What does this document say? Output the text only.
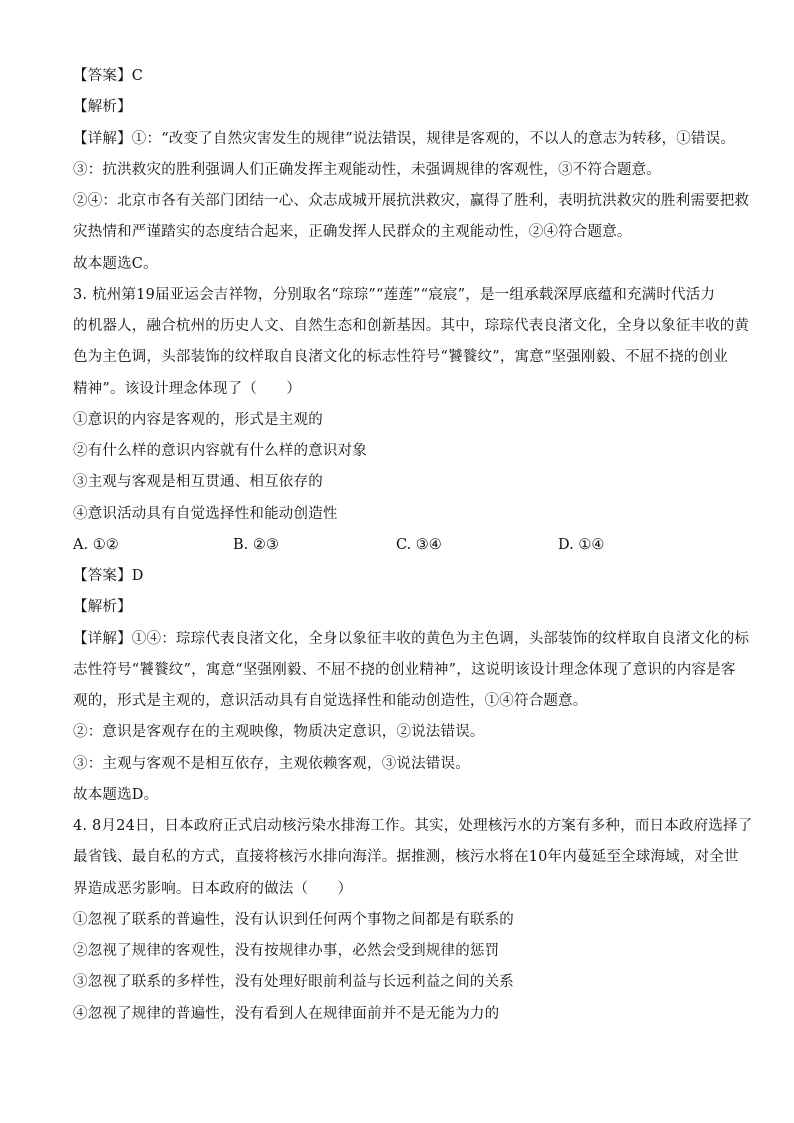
【答案】C
【解析】
【详解】①：“改变了自然灾害发生的规律”说法错误，规律是客观的，不以人的意志为转移，①错误。
③：抗洪救灾的胜利强调人们正确发挥主观能动性，未强调规律的客观性，③不符合题意。
②④：北京市各有关部门团结一心、众志成城开展抗洪救灾，赢得了胜利，表明抗洪救灾的胜利需要把救
灾热情和严谨踏实的态度结合起来，正确发挥人民群众的主观能动性，②④符合题意。
故本题选C。
3. 杭州第19届亚运会吉祥物，分别取名“琮琮”“莲莲”“宸宸”，是一组承载深厚底蕴和充满时代活力
的机器人，融合杭州的历史人文、自然生态和创新基因。其中，琮琮代表良渚文化，全身以象征丰收的黄
色为主色调，头部装饰的纹样取自良渚文化的标志性符号“饕餮纹”，寓意“坚强刚毅、不屈不挠的创业
精神”。该设计理念体现了（　　）
①意识的内容是客观的，形式是主观的
②有什么样的意识内容就有什么样的意识对象
③主观与客观是相互贯通、相互依存的
④意识活动具有自觉选择性和能动创造性
A. ①②	B. ②③	C. ③④	D. ①④
【答案】D
【解析】
【详解】①④：琮琮代表良渚文化，全身以象征丰收的黄色为主色调，头部装饰的纹样取自良渚文化的标
志性符号“饕餮纹”，寓意“坚强刚毅、不屈不挠的创业精神”，这说明该设计理念体现了意识的内容是客
观的，形式是主观的，意识活动具有自觉选择性和能动创造性，①④符合题意。
②：意识是客观存在的主观映像，物质决定意识，②说法错误。
③：主观与客观不是相互依存，主观依赖客观，③说法错误。
故本题选D。
4. 8月24日，日本政府正式启动核污染水排海工作。其实，处理核污水的方案有多种，而日本政府选择了
最省钱、最自私的方式，直接将核污水排向海洋。据推测，核污水将在10年内蔓延至全球海域，对全世
界造成恶劣影响。日本政府的做法（　　）
①忽视了联系的普遍性，没有认识到任何两个事物之间都是有联系的
②忽视了规律的客观性，没有按规律办事，必然会受到规律的惩罚
③忽视了联系的多样性，没有处理好眼前利益与长远利益之间的关系
④忽视了规律的普遍性，没有看到人在规律面前并不是无能为力的
